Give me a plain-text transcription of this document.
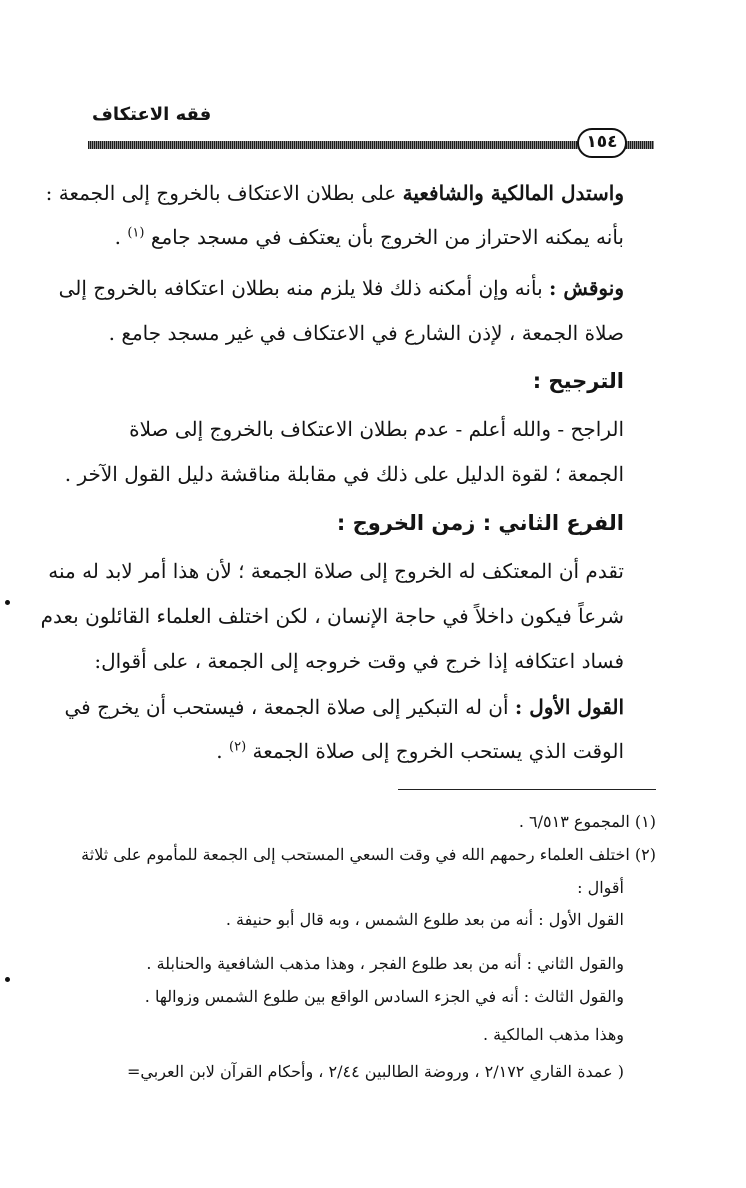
فقه الاعتكاف
١٥٤
واستدل المالكية والشافعية على بطلان الاعتكاف بالخروج إلى الجمعة :
بأنه يمكنه الاحتراز من الخروج بأن يعتكف في مسجد جامع $^{(١)}$ .
ونوقش : بأنه وإن أمكنه ذلك فلا يلزم منه بطلان اعتكافه بالخروج إلى
صلاة الجمعة ، لإذن الشارع في الاعتكاف في غير مسجد جامع .
الترجيح :
الراجح - والله أعلم - عدم بطلان الاعتكاف بالخروج إلى صلاة
الجمعة ؛ لقوة الدليل على ذلك في مقابلة مناقشة دليل القول الآخر .
الفرع الثاني : زمن الخروج :
تقدم أن المعتكف له الخروج إلى صلاة الجمعة ؛ لأن هذا أمر لابد له منه
شرعاً فيكون داخلاً في حاجة الإنسان ، لكن اختلف العلماء القائلون بعدم
فساد اعتكافه إذا خرج في وقت خروجه إلى الجمعة ، على أقوال:
القول الأول : أن له التبكير إلى صلاة الجمعة ، فيستحب أن يخرج في
الوقت الذي يستحب الخروج إلى صلاة الجمعة $^{(٢)}$ .
(١) المجموع ٦/٥١٣ .
(٢) اختلف العلماء رحمهم الله في وقت السعي المستحب إلى الجمعة للمأموم على ثلاثة
أقوال :
القول الأول : أنه من بعد طلوع الشمس ، وبه قال أبو حنيفة .
والقول الثاني : أنه من بعد طلوع الفجر ، وهذا مذهب الشافعية والحنابلة .
والقول الثالث : أنه في الجزء السادس الواقع بين طلوع الشمس وزوالها .
وهذا مذهب المالكية .
( عمدة القاري ٢/١٧٢ ، وروضة الطالبين ٢/٤٤ ، وأحكام القرآن لابن العربي=
